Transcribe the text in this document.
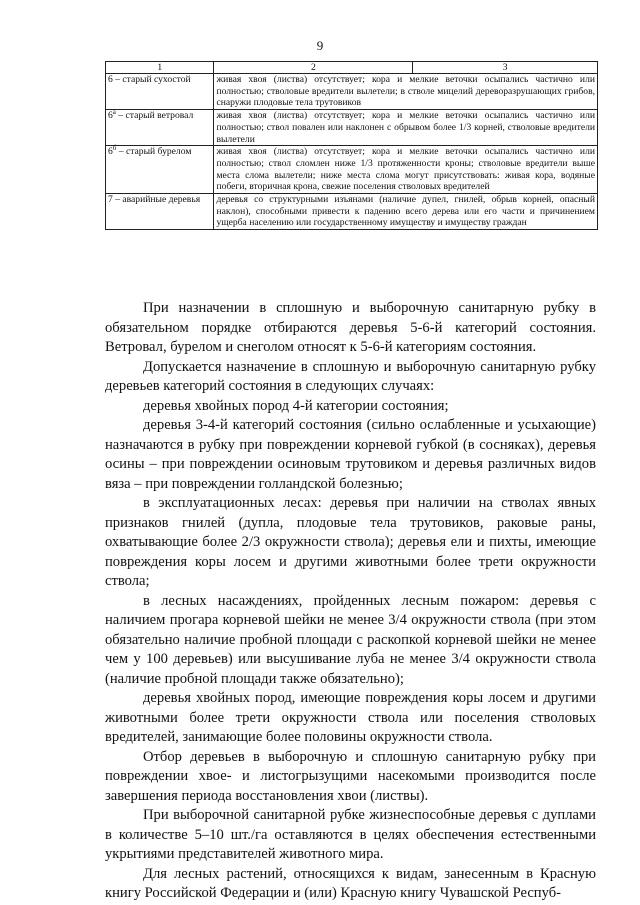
9
1	2	3
6 – старый сухостой	живая хвоя (листва) отсутствует; кора и мелкие веточки осыпались частично или полностью; стволовые вредители вылетели; в стволе мицелий дереворазрушающих грибов, снаружи плодовые тела трутовиков	
$6^а$ – старый ветровал	живая хвоя (листва) отсутствует; кора и мелкие веточки осыпались частично или полностью; ствол повален или наклонен с обрывом более 1/3 корней, стволовые вредители вылетели	
$6^б$ – старый бурелом	живая хвоя (листва) отсутствует; кора и мелкие веточки осыпались частично или полностью; ствол сломлен ниже 1/3 протяженности кроны; стволовые вредители выше места слома вылетели; ниже места слома могут присутствовать: живая кора, водяные побеги, вторичная крона, свежие поселения стволовых вредителей	
7 – аварийные деревья	деревья со структурными изъянами (наличие дупел, гнилей, обрыв корней, опасный наклон), способными привести к падению всего дерева или его части и причинением ущерба населению или государственному имуществу и имуществу граждан	

При назначении в сплошную и выборочную санитарную рубку в обязательном порядке отбираются деревья 5-6-й категорий состояния. Ветровал, бурелом и снеголом относят к 5-6-й категориям состояния.

Допускается назначение в сплошную и выборочную санитарную рубку деревьев категорий состояния в следующих случаях:

деревья хвойных пород 4-й категории состояния;

деревья 3-4-й категорий состояния (сильно ослабленные и усыхающие) назначаются в рубку при повреждении корневой губкой (в сосняках), деревья осины – при повреждении осиновым трутовиком и деревья различных видов вяза – при повреждении голландской болезнью;

в эксплуатационных лесах: деревья при наличии на стволах явных признаков гнилей (дупла, плодовые тела трутовиков, раковые раны, охватывающие более 2/3 окружности ствола); деревья ели и пихты, имеющие повреждения коры лосем и другими животными более трети окружности ствола;

в лесных насаждениях, пройденных лесным пожаром: деревья с наличием прогара корневой шейки не менее 3/4 окружности ствола (при этом обязательно наличие пробной площади с раскопкой корневой шейки не менее чем у 100 деревьев) или высушивание луба не менее 3/4 окружности ствола (наличие пробной площади также обязательно);

деревья хвойных пород, имеющие повреждения коры лосем и другими животными более трети окружности ствола или поселения стволовых вредителей, занимающие более половины окружности ствола.

Отбор деревьев в выборочную и сплошную санитарную рубку при повреждении хвое- и листогрызущими насекомыми производится после завершения периода восстановления хвои (листвы).

При выборочной санитарной рубке жизнеспособные деревья с дуплами в количестве 5–10 шт./га оставляются в целях обеспечения естественными укрытиями представителей животного мира.

Для лесных растений, относящихся к видам, занесенным в Красную книгу Российской Федерации и (или) Красную книгу Чувашской Респуб-
